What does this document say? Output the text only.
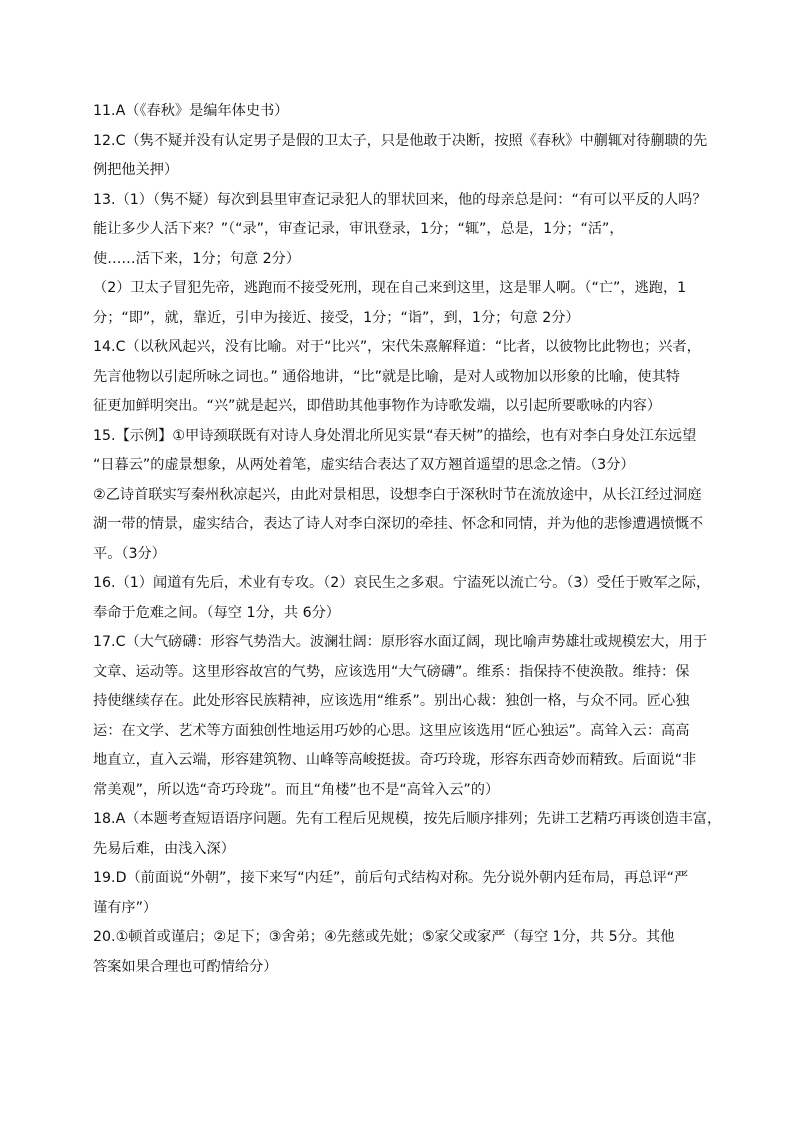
11.A（《春秋》是编年体史书）
12.C（隽不疑并没有认定男子是假的卫太子，只是他敢于决断，按照《春秋》中蒯辄对待蒯聩的先
例把他关押）
13.（1）（隽不疑）每次到县里审查记录犯人的罪状回来，他的母亲总是问：“有可以平反的人吗？
能让多少人活下来？”（“录”，审查记录，审讯登录，1分；“辄”，总是，1分；“活”，
使……活下来，1分；句意 2分）
（2）卫太子冒犯先帝，逃跑而不接受死刑，现在自己来到这里，这是罪人啊。（“亡”，逃跑，1
分；“即”，就，靠近，引申为接近、接受，1分；“诣”，到，1分；句意 2分）
14.C（以秋风起兴，没有比喻。对于“比兴”，宋代朱熹解释道：“比者，以彼物比此物也；兴者，
先言他物以引起所咏之词也。” 通俗地讲，“比”就是比喻，是对人或物加以形象的比喻，使其特
征更加鲜明突出。“兴”就是起兴，即借助其他事物作为诗歌发端，以引起所要歌咏的内容）
15.【示例】①甲诗颈联既有对诗人身处渭北所见实景“春天树”的描绘，也有对李白身处江东远望
“日暮云”的虚景想象，从两处着笔，虚实结合表达了双方翘首遥望的思念之情。（3分）
②乙诗首联实写秦州秋凉起兴，由此对景相思，设想李白于深秋时节在流放途中，从长江经过洞庭
湖一带的情景，虚实结合，表达了诗人对李白深切的牵挂、怀念和同情，并为他的悲惨遭遇愤慨不
平。（3分）
16.（1）闻道有先后，术业有专攻。（2）哀民生之多艰。宁溘死以流亡兮。（3）受任于败军之际，
奉命于危难之间。（每空 1分，共 6分）
17.C（大气磅礴：形容气势浩大。波澜壮阔：原形容水面辽阔，现比喻声势雄壮或规模宏大，用于
文章、运动等。这里形容故宫的气势，应该选用“大气磅礴”。维系：指保持不使涣散。维持：保
持使继续存在。此处形容民族精神，应该选用“维系”。别出心裁：独创一格，与众不同。匠心独
运：在文学、艺术等方面独创性地运用巧妙的心思。这里应该选用“匠心独运”。高耸入云：高高
地直立，直入云端，形容建筑物、山峰等高峻挺拔。奇巧玲珑，形容东西奇妙而精致。后面说“非
常美观”，所以选“奇巧玲珑”。而且“角楼”也不是“高耸入云”的）
18.A（本题考查短语语序问题。先有工程后见规模，按先后顺序排列；先讲工艺精巧再谈创造丰富，
先易后难，由浅入深）
19.D（前面说“外朝”，接下来写“内廷”，前后句式结构对称。先分说外朝内廷布局，再总评“严
谨有序”）
20.①顿首或谨启；②足下；③舍弟；④先慈或先妣；⑤家父或家严（每空 1分，共 5分。其他
答案如果合理也可酌情给分）
